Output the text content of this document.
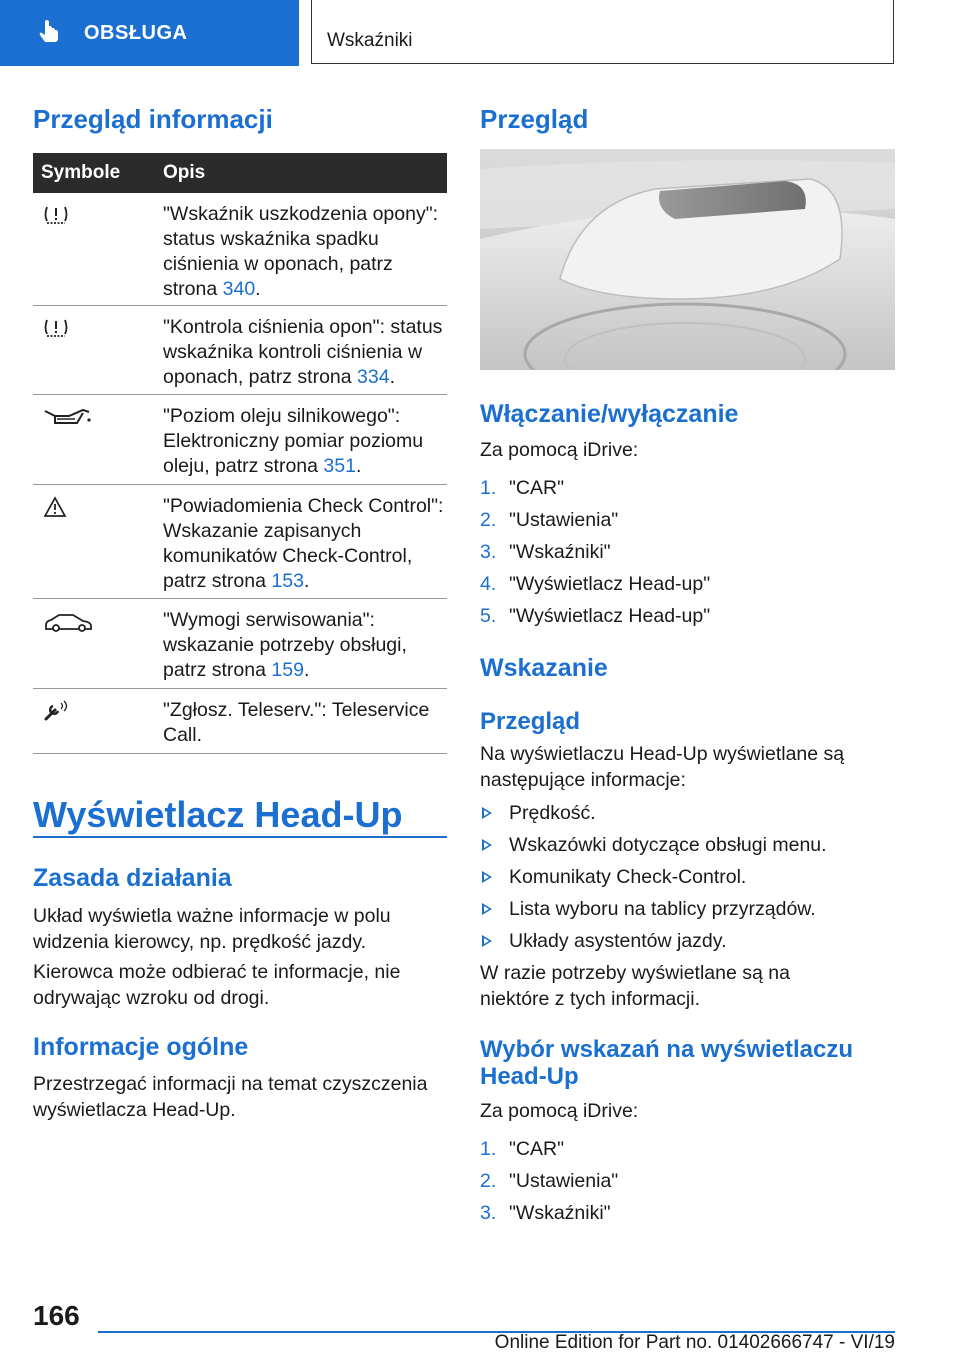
OBSŁUGA	Wskaźniki
Przegląd informacji
Symbole	Opis
"Wskaźnik uszkodzenia opony": status wskaźnika spadku ciśnienia w oponach, patrz strona 340.
"Kontrola ciśnienia opon": status wskaźnika kontroli ciśnienia w oponach, patrz strona 334.
"Poziom oleju silnikowego": Elektroniczny pomiar poziomu oleju, patrz strona 351.
"Powiadomienia Check Control": Wskazanie zapisanych komunikatów Check-Control, patrz strona 153.
"Wymogi serwisowania": wskazanie potrzeby obsługi, patrz strona 159.
"Zgłosz. Teleserv.": Teleservice Call.
Wyświetlacz Head-Up
Zasada działania

Układ wyświetla ważne informacje w polu widzenia kierowcy, np. prędkość jazdy.

Kierowca może odbierać te informacje, nie odrywając wzroku od drogi.

Informacje ogólne

Przestrzegać informacji na temat czyszczenia wyświetlacza Head-Up.

Przegląd
Włączanie/wyłączanie

Za pomocą iDrive:

1. "CAR"
2. "Ustawienia"
3. "Wskaźniki"
4. "Wyświetlacz Head-up"
5. "Wyświetlacz Head-up"
Wskazanie
Przegląd

Na wyświetlaczu Head-Up wyświetlane są następujące informacje:

Prędkość.
Wskazówki dotyczące obsługi menu.
Komunikaty Check-Control.
Lista wyboru na tablicy przyrządów.
Układy asystentów jazdy.

W razie potrzeby wyświetlane są na niektóre z tych informacji.

Wybór wskazań na wyświetlaczu Head-Up

Za pomocą iDrive:

1. "CAR"
2. "Ustawienia"
3. "Wskaźniki"
166
Online Edition for Part no. 01402666747 - VI/19
